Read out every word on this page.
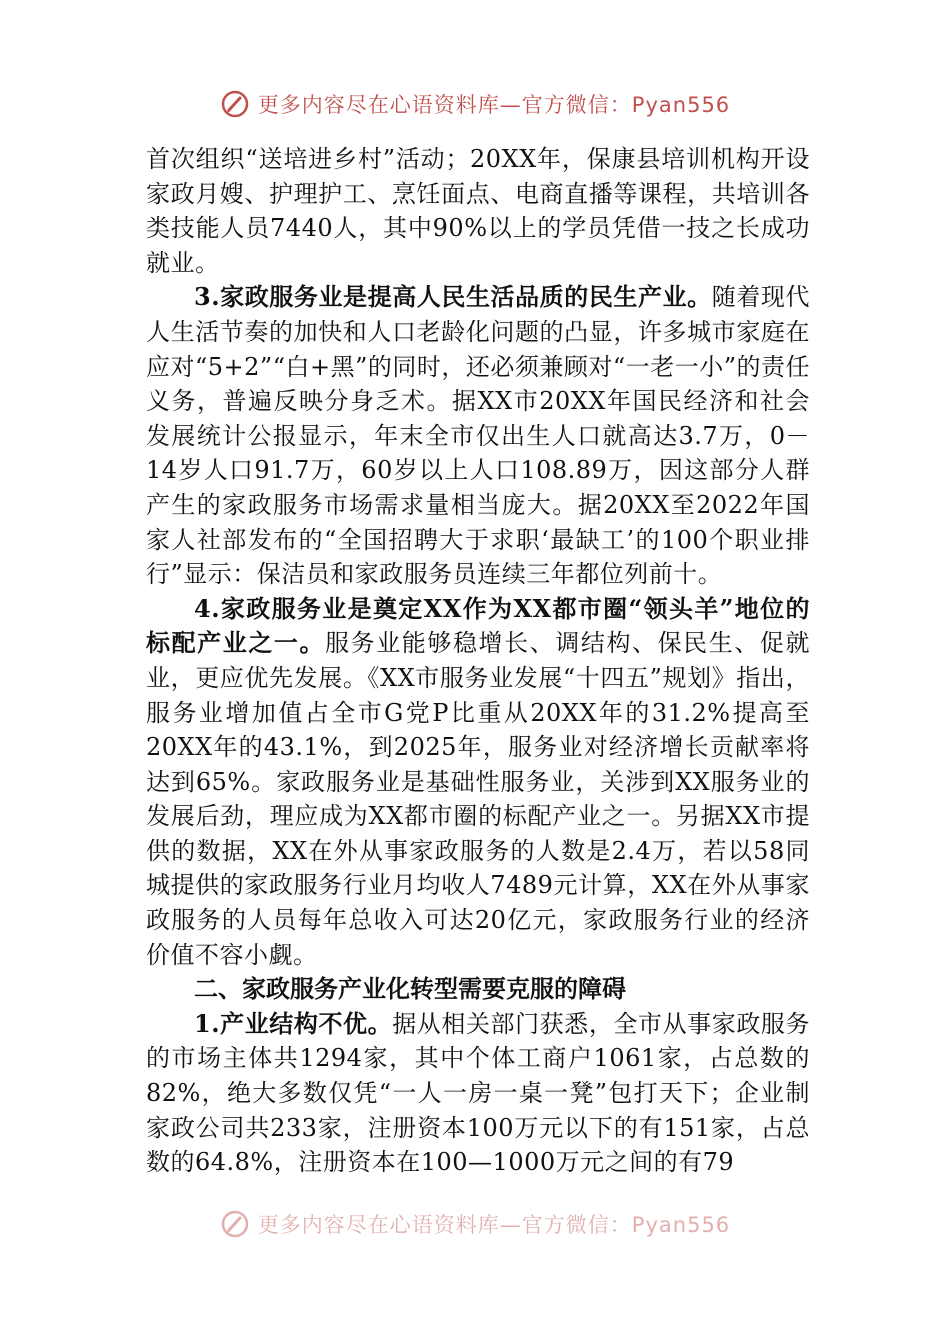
更多内容尽在心语资料库—官方微信：Pyan556

首次组织“送培进乡村”活动；20XX年，保康县培训机构开设家政月嫂、护理护工、烹饪面点、电商直播等课程，共培训各类技能人员7440人，其中90%以上的学员凭借一技之长成功就业。

3.家政服务业是提高人民生活品质的民生产业。随着现代人生活节奏的加快和人口老龄化问题的凸显，许多城市家庭在应对“5+2”“白+黑”的同时，还必须兼顾对“一老一小”的责任义务，普遍反映分身乏术。据XX市20XX年国民经济和社会发展统计公报显示，年末全市仅出生人口就高达3.7万，0－14岁人口91.7万，60岁以上人口108.89万，因这部分人群产生的家政服务市场需求量相当庞大。据20XX至2022年国家人社部发布的“全国招聘大于求职‘最缺工’的100个职业排行”显示：保洁员和家政服务员连续三年都位列前十。

4.家政服务业是奠定XX作为XX都市圈“领头羊”地位的标配产业之一。服务业能够稳增长、调结构、保民生、促就业，更应优先发展。《XX市服务业发展“十四五”规划》指出，服务业增加值占全市G党P比重从20XX年的31.2%提高至20XX年的43.1%，到2025年，服务业对经济增长贡献率将达到65%。家政服务业是基础性服务业，关涉到XX服务业的发展后劲，理应成为XX都市圈的标配产业之一。另据XX市提供的数据，XX在外从事家政服务的人数是2.4万，若以58同城提供的家政服务行业月均收人7489元计算，XX在外从事家政服务的人员每年总收入可达20亿元，家政服务行业的经济价值不容小觑。

二、家政服务产业化转型需要克服的障碍

1.产业结构不优。据从相关部门获悉，全市从事家政服务的市场主体共1294家，其中个体工商户1061家，占总数的82%，绝大多数仅凭“一人一房一桌一凳”包打天下；企业制家政公司共233家，注册资本100万元以下的有151家，占总数的64.8%，注册资本在100—1000万元之间的有79

更多内容尽在心语资料库—官方微信：Pyan556
